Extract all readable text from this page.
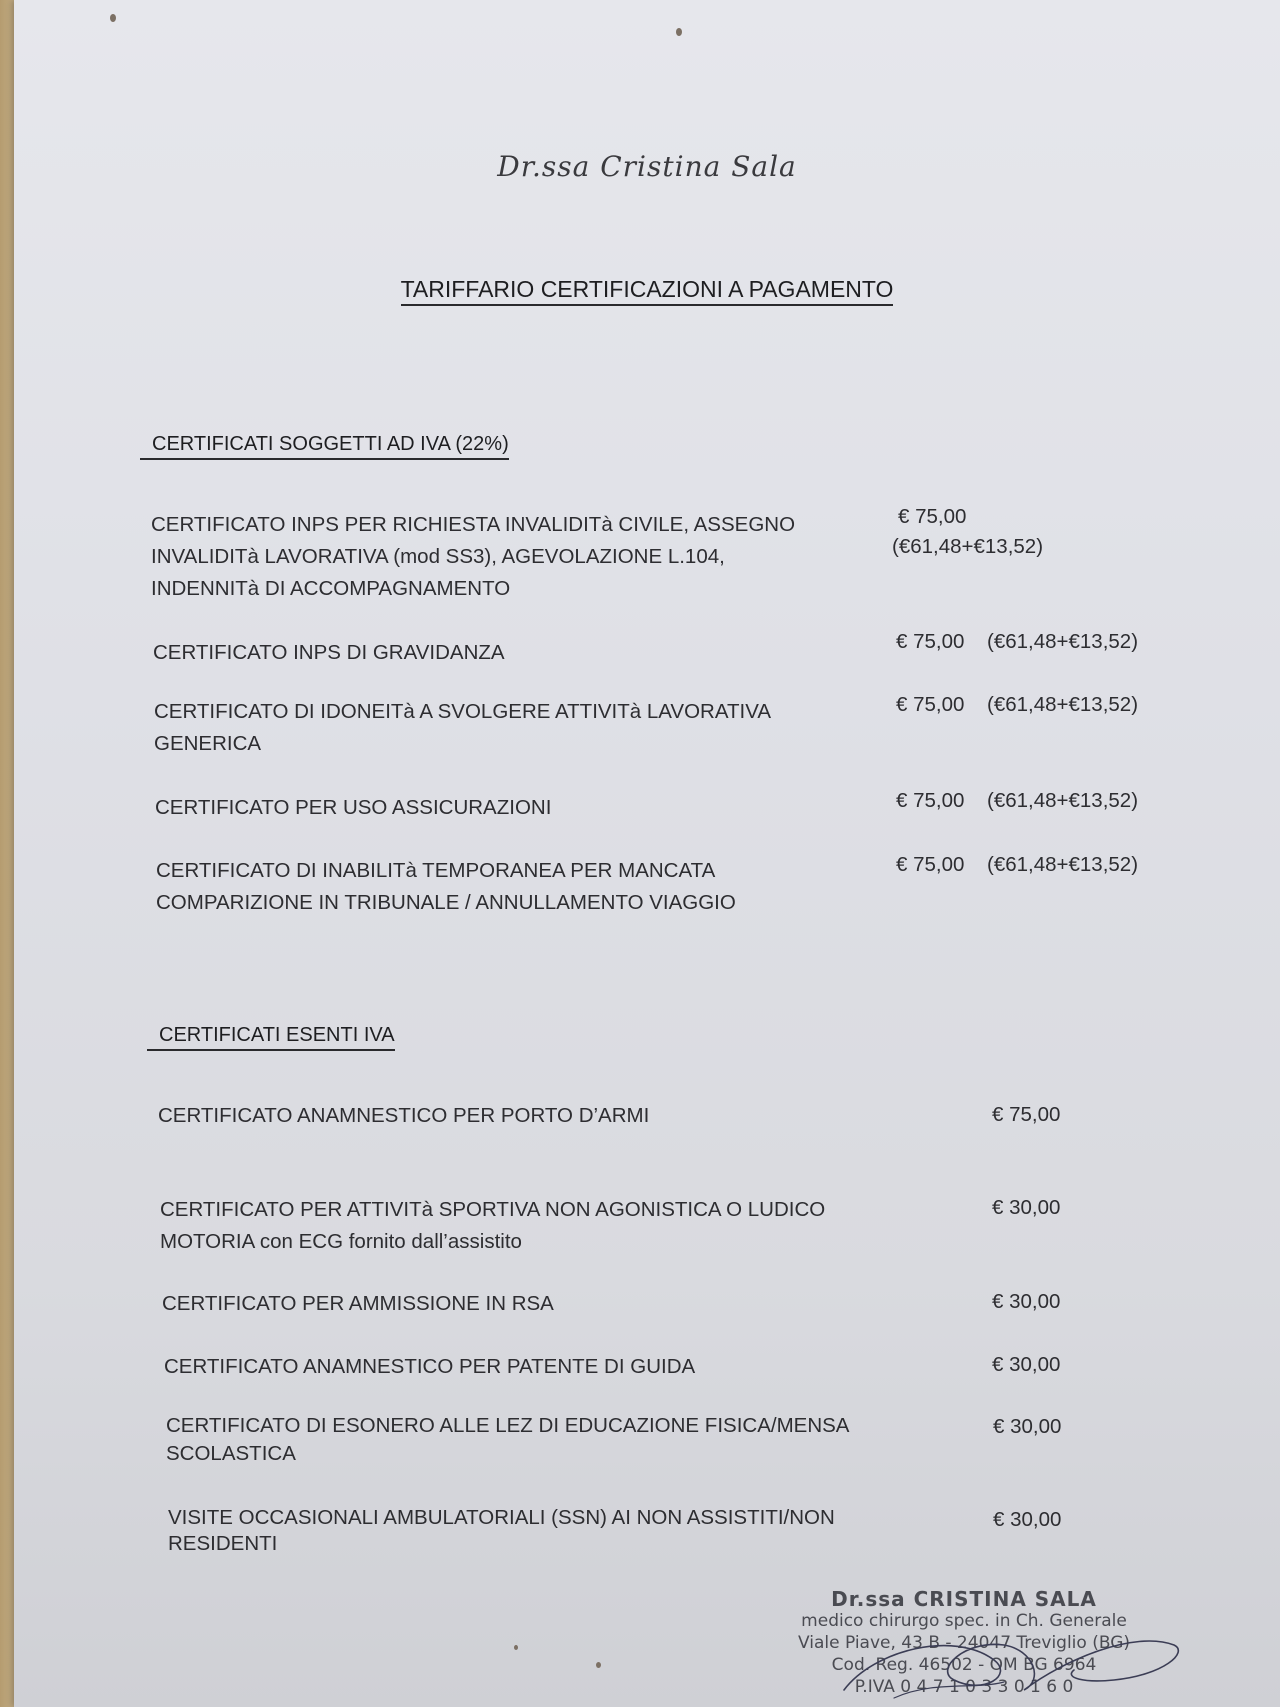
Dr.ssa Cristina Sala
TARIFFARIO CERTIFICAZIONI A PAGAMENTO
CERTIFICATI SOGGETTI AD IVA (22%)
CERTIFICATO INPS PER RICHIESTA INVALIDITà CIVILE, ASSEGNO
INVALIDITà LAVORATIVA (mod SS3), AGEVOLAZIONE L.104,
INDENNITà DI ACCOMPAGNAMENTO
€ 75,00
(€61,48+€13,52)
CERTIFICATO INPS DI GRAVIDANZA	€ 75,00 (€61,48+€13,52)
CERTIFICATO DI IDONEITà A SVOLGERE ATTIVITà LAVORATIVA
GENERICA
€ 75,00 (€61,48+€13,52)
CERTIFICATO PER USO ASSICURAZIONI	€ 75,00 (€61,48+€13,52)
CERTIFICATO DI INABILITà TEMPORANEA PER MANCATA
COMPARIZIONE IN TRIBUNALE / ANNULLAMENTO VIAGGIO
€ 75,00 (€61,48+€13,52)
CERTIFICATI ESENTI IVA
CERTIFICATO ANAMNESTICO PER PORTO D’ARMI	€ 75,00
CERTIFICATO PER ATTIVITà SPORTIVA NON AGONISTICA O LUDICO
MOTORIA con ECG fornito dall’assistito
€ 30,00
CERTIFICATO PER AMMISSIONE IN RSA	€ 30,00
CERTIFICATO ANAMNESTICO PER PATENTE DI GUIDA	€ 30,00
CERTIFICATO DI ESONERO ALLE LEZ DI EDUCAZIONE FISICA/MENSA
SCOLASTICA
€ 30,00
VISITE OCCASIONALI AMBULATORIALI (SSN) AI NON ASSISTITI/NON
RESIDENTI
€ 30,00
Dr.ssa CRISTINA SALA
medico chirurgo spec. in Ch. Generale
Viale Piave, 43 B - 24047 Treviglio (BG)
Cod. Reg. 46502 - OM BG 6964
P.IVA 0 4 7 1 0 3 3 0 1 6 0
